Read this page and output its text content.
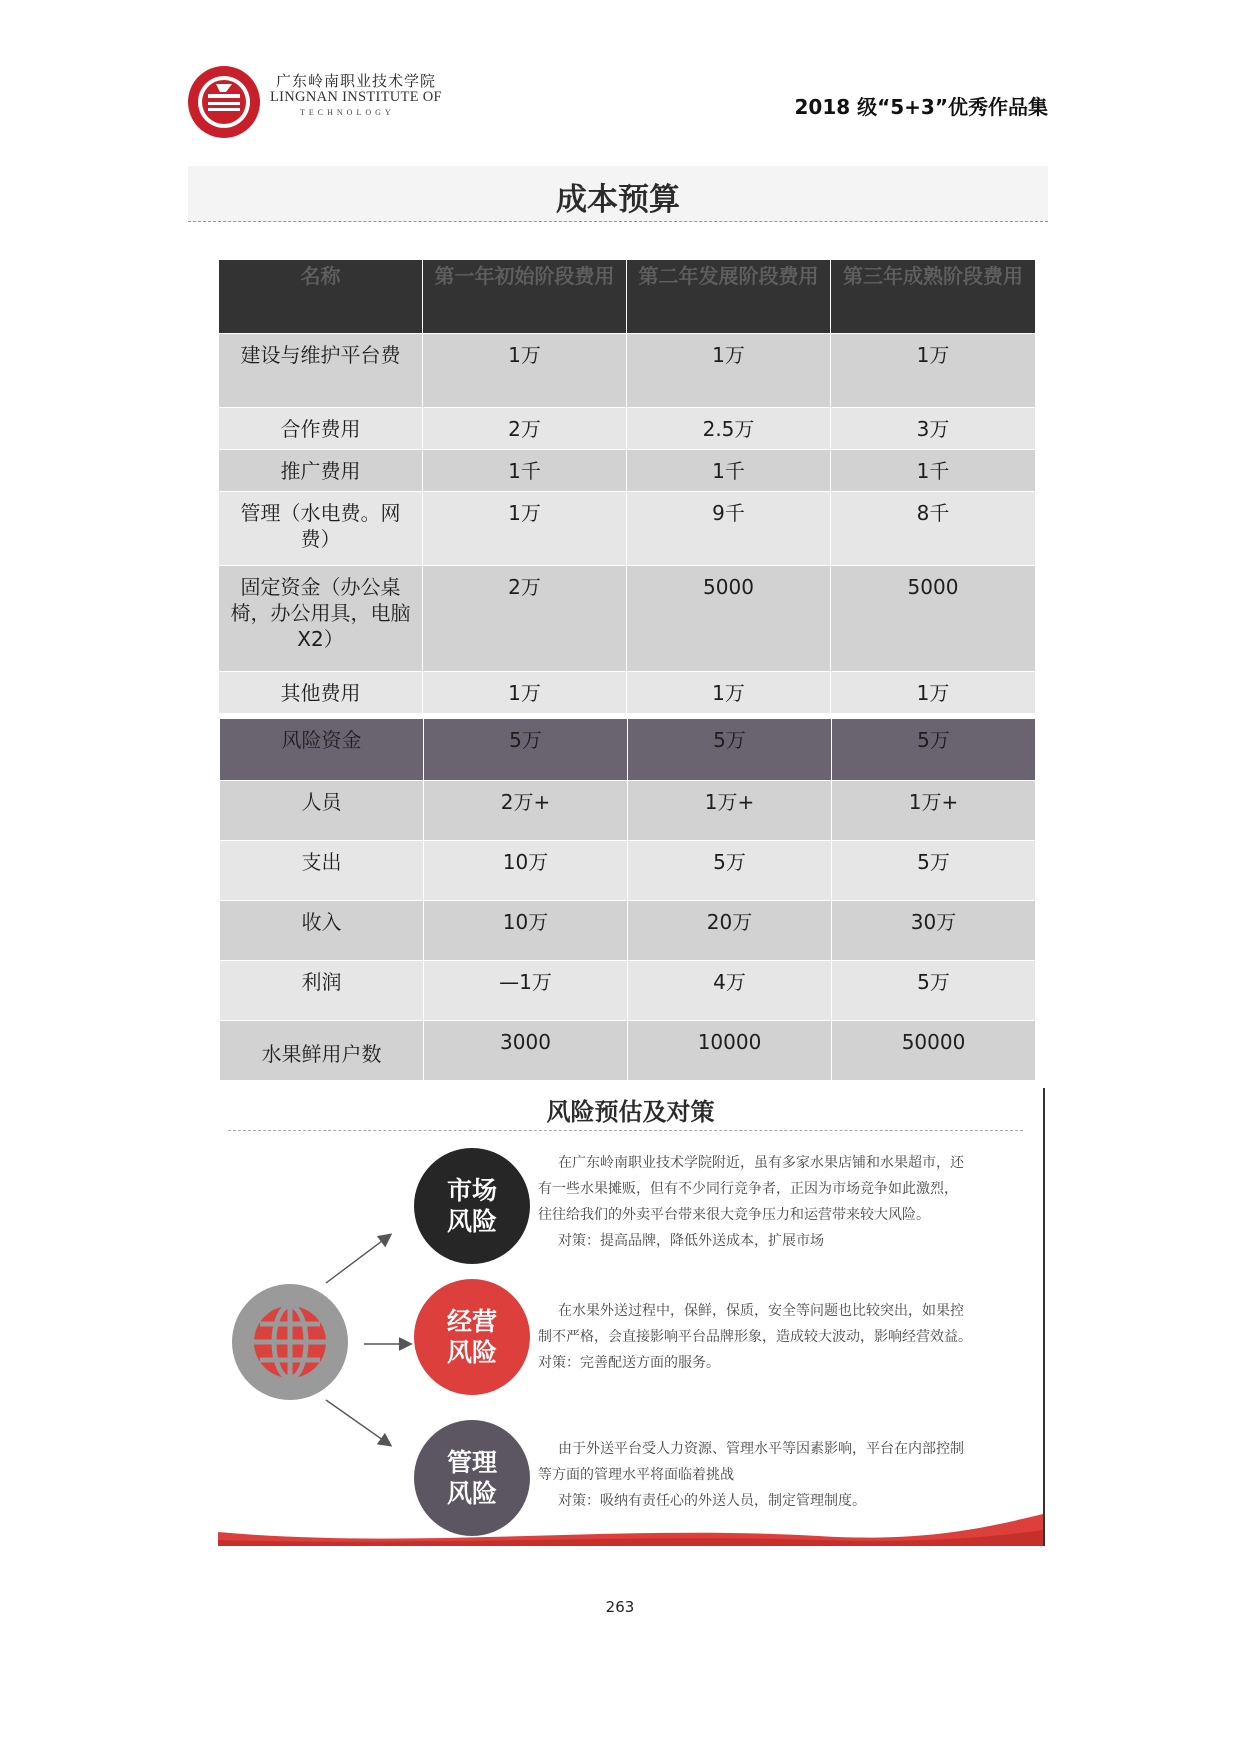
广东岭南职业技术学院
LINGNAN INSTITUTE OF
TECHNOLOGY	2018 级“5+3”优秀作品集
成本预算
名称	第一年初始阶段费用	第二年发展阶段费用	第三年成熟阶段费用
建设与维护平台费	1万	1万	1万
合作费用	2万	2.5万	3万
推广费用	1千	1千	1千
管理（水电费。网费）	1万	9千	8千
固定资金（办公桌椅，办公用具，电脑X2）	2万	5000	5000
其他费用	1万	1万	1万
风险资金	5万	5万	5万
人员	2万+	1万+	1万+
支出	10万	5万	5万
收入	10万	20万	30万
利润	—1万	4万	5万
水果鲜用户数	3000	10000	50000
风险预估及对策
市场
风险
经营
风险
管理
风险
在广东岭南职业技术学院附近，虽有多家水果店铺和水果超市，还
有一些水果摊贩，但有不少同行竞争者，正因为市场竞争如此激烈，
往往给我们的外卖平台带来很大竞争压力和运营带来较大风险。
对策：提高品牌，降低外送成本，扩展市场
在水果外送过程中，保鲜，保质，安全等问题也比较突出，如果控
制不严格，会直接影响平台品牌形象，造成较大波动，影响经营效益。
对策：完善配送方面的服务。
由于外送平台受人力资源、管理水平等因素影响，平台在内部控制
等方面的管理水平将面临着挑战
对策：吸纳有责任心的外送人员，制定管理制度。
263
